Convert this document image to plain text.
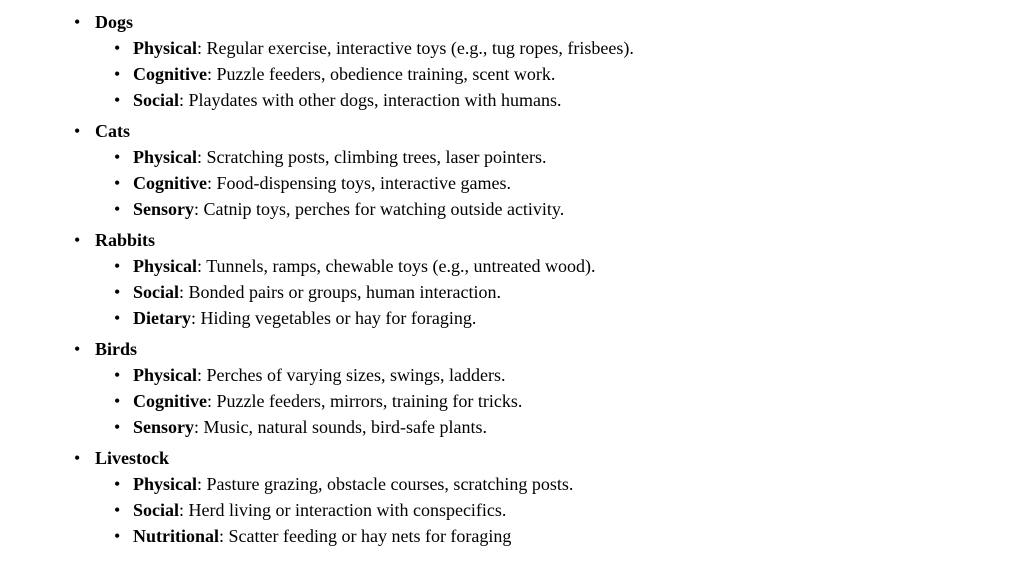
• Dogs
• Physical: Regular exercise, interactive toys (e.g., tug ropes, frisbees).
• Cognitive: Puzzle feeders, obedience training, scent work.
• Social: Playdates with other dogs, interaction with humans.
• Cats
• Physical: Scratching posts, climbing trees, laser pointers.
• Cognitive: Food-dispensing toys, interactive games.
• Sensory: Catnip toys, perches for watching outside activity.
• Rabbits
• Physical: Tunnels, ramps, chewable toys (e.g., untreated wood).
• Social: Bonded pairs or groups, human interaction.
• Dietary: Hiding vegetables or hay for foraging.
• Birds
• Physical: Perches of varying sizes, swings, ladders.
• Cognitive: Puzzle feeders, mirrors, training for tricks.
• Sensory: Music, natural sounds, bird-safe plants.
• Livestock
• Physical: Pasture grazing, obstacle courses, scratching posts.
• Social: Herd living or interaction with conspecifics.
• Nutritional: Scatter feeding or hay nets for foraging
